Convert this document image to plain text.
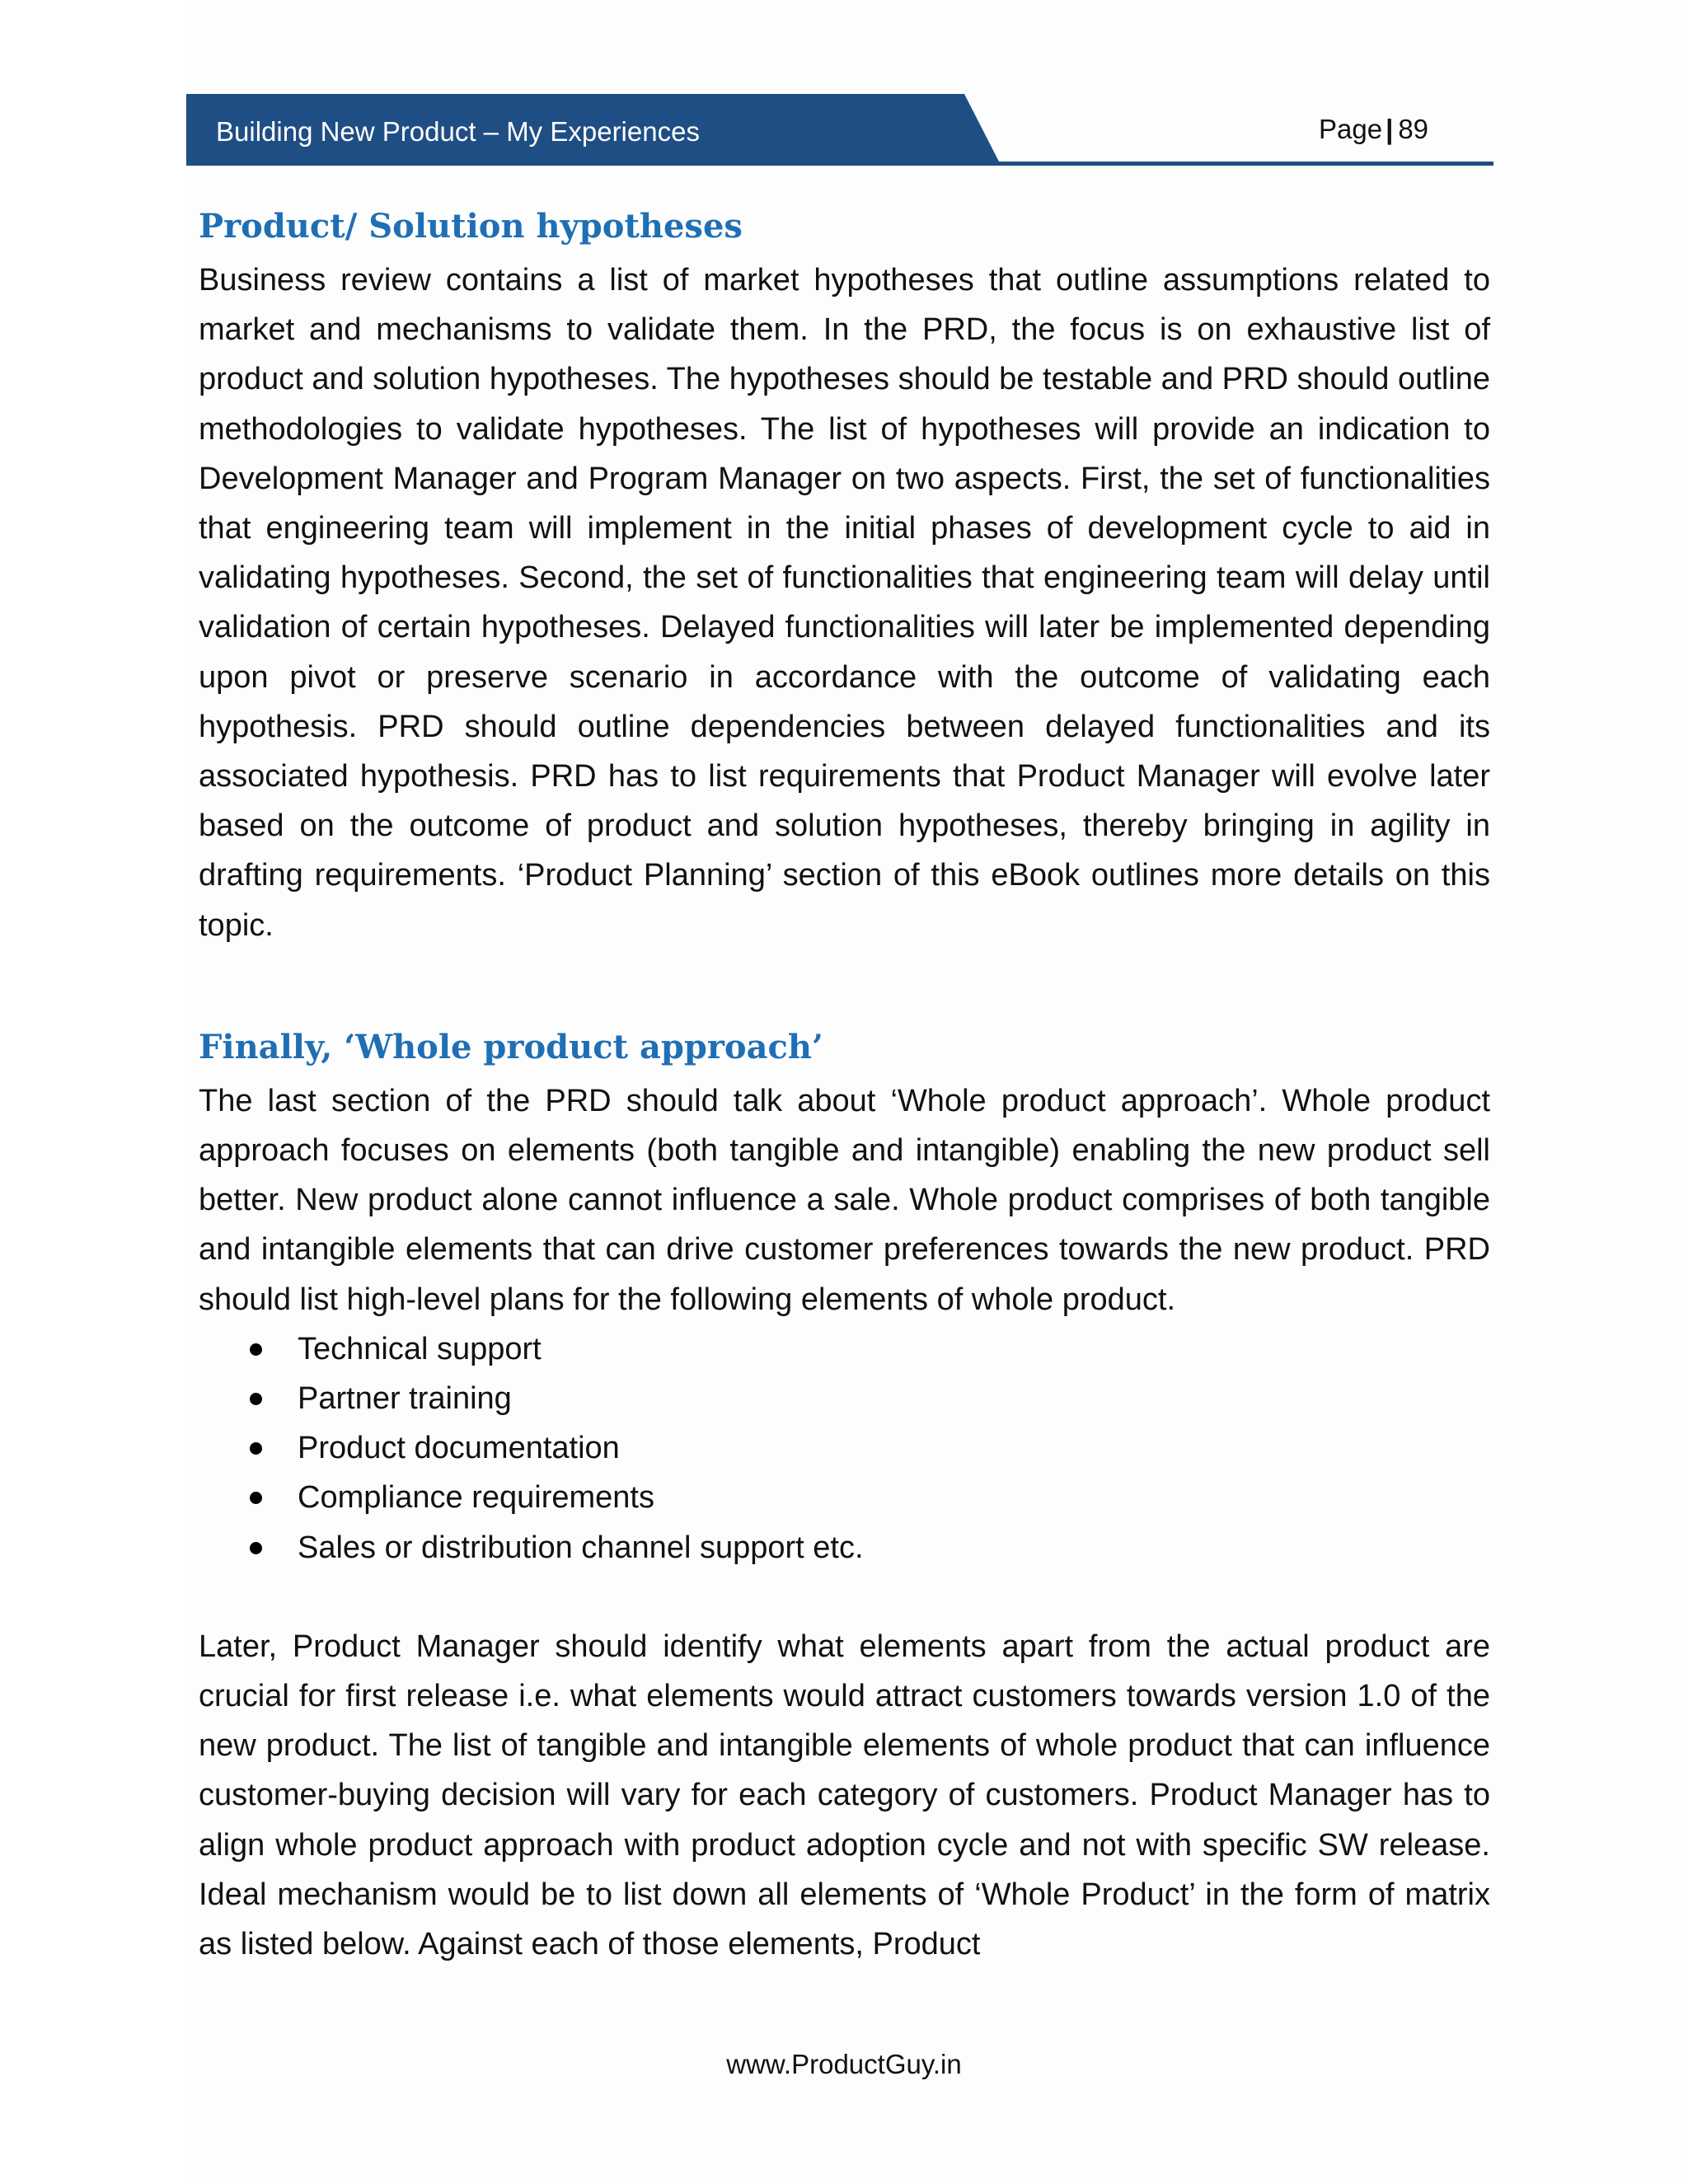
Building New Product – My Experiences	Page | 89
Product/ Solution hypotheses

Business review contains a list of market hypotheses that outline assumptions related to market and mechanisms to validate them. In the PRD, the focus is on exhaustive list of product and solution hypotheses. The hypotheses should be testable and PRD should outline methodologies to validate hypotheses. The list of hypotheses will provide an indication to Development Manager and Program Manager on two aspects. First, the set of functionalities that engineering team will implement in the initial phases of development cycle to aid in validating hypotheses. Second, the set of functionalities that engineering team will delay until validation of certain hypotheses. Delayed functionalities will later be implemented depending upon pivot or preserve scenario in accordance with the outcome of validating each hypothesis. PRD should outline dependencies between delayed functionalities and its associated hypothesis. PRD has to list requirements that Product Manager will evolve later based on the outcome of product and solution hypotheses, thereby bringing in agility in drafting requirements. ‘Product Planning’ section of this eBook outlines more details on this topic.

Finally, ‘Whole product approach’

The last section of the PRD should talk about ‘Whole product approach’. Whole product approach focuses on elements (both tangible and intangible) enabling the new product sell better. New product alone cannot influence a sale. Whole product comprises of both tangible and intangible elements that can drive customer preferences towards the new product. PRD should list high-level plans for the following elements of whole product.

Technical support
Partner training
Product documentation
Compliance requirements
Sales or distribution channel support etc.

Later, Product Manager should identify what elements apart from the actual product are crucial for first release i.e. what elements would attract customers towards version 1.0 of the new product. The list of tangible and intangible elements of whole product that can influence customer-buying decision will vary for each category of customers. Product Manager has to align whole product approach with product adoption cycle and not with specific SW release. Ideal mechanism would be to list down all elements of ‘Whole Product’ in the form of matrix as listed below. Against each of those elements, Product

www.ProductGuy.in
